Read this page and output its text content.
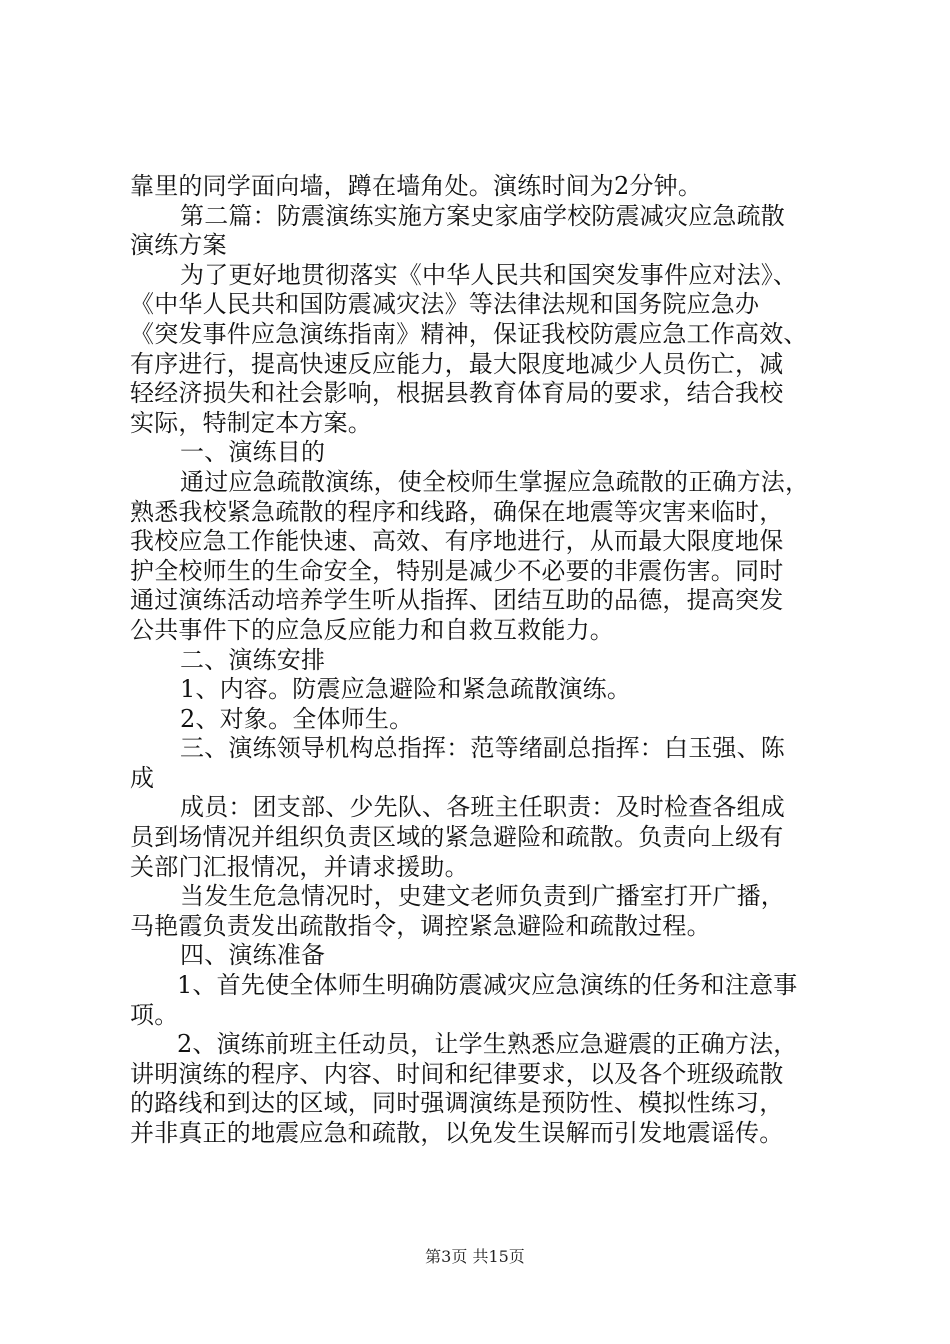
靠里的同学面向墙，蹲在墙角处。演练时间为2分钟。
第二篇：防震演练实施方案史家庙学校防震减灾应急疏散
演练方案
为了更好地贯彻落实《中华人民共和国突发事件应对法》、
《中华人民共和国防震减灾法》等法律法规和国务院应急办
《突发事件应急演练指南》精神，保证我校防震应急工作高效、
有序进行，提高快速反应能力，最大限度地减少人员伤亡，减
轻经济损失和社会影响，根据县教育体育局的要求，结合我校
实际，特制定本方案。
一、演练目的
通过应急疏散演练，使全校师生掌握应急疏散的正确方法，
熟悉我校紧急疏散的程序和线路，确保在地震等灾害来临时，
我校应急工作能快速、高效、有序地进行，从而最大限度地保
护全校师生的生命安全，特别是减少不必要的非震伤害。同时
通过演练活动培养学生听从指挥、团结互助的品德，提高突发
公共事件下的应急反应能力和自救互救能力。
二、演练安排
1、内容。防震应急避险和紧急疏散演练。
2、对象。全体师生。
三、演练领导机构总指挥：范等绪副总指挥：白玉强、陈
成
成员：团支部、少先队、各班主任职责：及时检查各组成
员到场情况并组织负责区域的紧急避险和疏散。负责向上级有
关部门汇报情况，并请求援助。
当发生危急情况时，史建文老师负责到广播室打开广播，
马艳霞负责发出疏散指令，调控紧急避险和疏散过程。
四、演练准备
1、首先使全体师生明确防震减灾应急演练的任务和注意事
项。
2、演练前班主任动员，让学生熟悉应急避震的正确方法，
讲明演练的程序、内容、时间和纪律要求，以及各个班级疏散
的路线和到达的区域，同时强调演练是预防性、模拟性练习，
并非真正的地震应急和疏散，以免发生误解而引发地震谣传。
第3页 共15页
